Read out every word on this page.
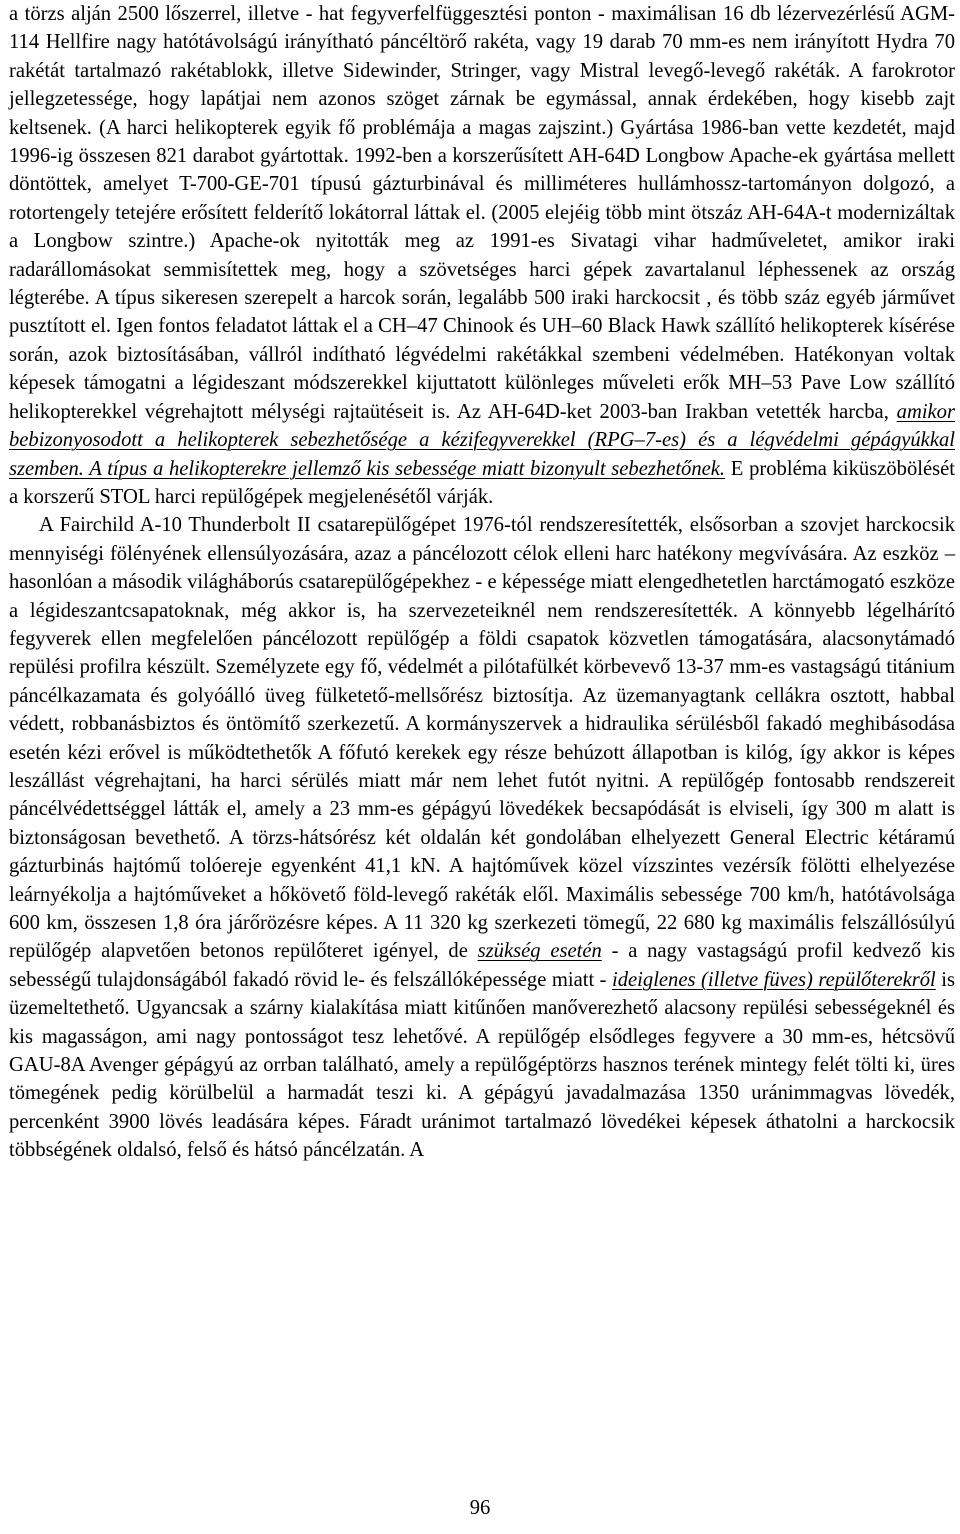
a törzs alján 2500 lőszerrel, illetve - hat fegyverfelfüggesztési ponton - maximálisan 16 db lézervezérlésű AGM-114 Hellfire nagy hatótávolságú irányítható páncéltörő rakéta, vagy 19 darab 70 mm-es nem irányított Hydra 70 rakétát tartalmazó rakétablokk, illetve Sidewinder, Stringer, vagy Mistral levegő-levegő rakéták. A farokrotor jellegzetessége, hogy lapátjai nem azonos szöget zárnak be egymással, annak érdekében, hogy kisebb zajt keltsenek. (A harci helikopterek egyik fő problémája a magas zajszint.) Gyártása 1986-ban vette kezdetét, majd 1996-ig összesen 821 darabot gyártottak. 1992-ben a korszerűsített AH-64D Longbow Apache-ek gyártása mellett döntöttek, amelyet T-700-GE-701 típusú gázturbinával és milliméteres hullámhossz-tartományon dolgozó, a rotortengely tetejére erősített felderítő lokátorral láttak el. (2005 elejéig több mint ötszáz AH-64A-t modernizáltak a Longbow szintre.) Apache-ok nyitották meg az 1991-es Sivatagi vihar hadműveletet, amikor iraki radarállomásokat semmisítettek meg, hogy a szövetséges harci gépek zavartalanul léphessenek az ország légterébe. A típus sikeresen szerepelt a harcok során, legalább 500 iraki harckocsit , és több száz egyéb járművet pusztított el. Igen fontos feladatot láttak el a CH–47 Chinook és UH–60 Black Hawk szállító helikopterek kísérése során, azok biztosításában, vállról indítható légvédelmi rakétákkal szembeni védelmében. Hatékonyan voltak képesek támogatni a légideszant módszerekkel kijuttatott különleges műveleti erők MH–53 Pave Low szállító helikopterekkel végrehajtott mélységi rajtaütéseit is. Az AH-64D-ket 2003-ban Irakban vetették harcba, amikor bebizonyosodott a helikopterek sebezhetősége a kézifegyverekkel (RPG–7-es) és a légvédelmi gépágyúkkal szemben. A típus a helikopterekre jellemző kis sebessége miatt bizonyult sebezhetőnek. E probléma kiküszöbölését a korszerű STOL harci repülőgépek megjelenésétől várják.

A Fairchild A-10 Thunderbolt II csatarepülőgépet 1976-tól rendszeresítették, elsősorban a szovjet harckocsik mennyiségi fölényének ellensúlyozására, azaz a páncélozott célok elleni harc hatékony megvívására. Az eszköz – hasonlóan a második világháborús csatarepülőgépekhez - e képessége miatt elengedhetetlen harctámogató eszköze a légideszantcsapatoknak, még akkor is, ha szervezeteiknél nem rendszeresítették. A könnyebb légelhárító fegyverek ellen megfelelően páncélozott repülőgép a földi csapatok közvetlen támogatására, alacsonytámadó repülési profilra készült. Személyzete egy fő, védelmét a pilótafülkét körbevevő 13-37 mm-es vastagságú titánium páncélkazamata és golyóálló üveg fülketető-mellsőrész biztosítja. Az üzemanyagtank cellákra osztott, habbal védett, robbanásbiztos és öntömítő szerkezetű. A kormányszervek a hidraulika sérülésből fakadó meghibásodása esetén kézi erővel is működtethetők A főfutó kerekek egy része behúzott állapotban is kilóg, így akkor is képes leszállást végrehajtani, ha harci sérülés miatt már nem lehet futót nyitni. A repülőgép fontosabb rendszereit páncélvédettséggel látták el, amely a 23 mm-es gépágyú lövedékek becsapódását is elviseli, így 300 m alatt is biztonságosan bevethető. A törzs-hátsórész két oldalán két gondolában elhelyezett General Electric kétáramú gázturbinás hajtómű tolóereje egyenként 41,1 kN. A hajtóművek közel vízszintes vezérsík fölötti elhelyezése leárnyékolja a hajtóműveket a hőkövető föld-levegő rakéták elől. Maximális sebessége 700 km/h, hatótávolsága 600 km, összesen 1,8 óra járőrözésre képes. A 11 320 kg szerkezeti tömegű, 22 680 kg maximális felszállósúlyú repülőgép alapvetően betonos repülőteret igényel, de szükség esetén - a nagy vastagságú profil kedvező kis sebességű tulajdonságából fakadó rövid le- és felszállóképessége miatt - ideiglenes (illetve füves) repülőterekről is üzemeltethető. Ugyancsak a szárny kialakítása miatt kitűnően manőverezhető alacsony repülési sebességeknél és kis magasságon, ami nagy pontosságot tesz lehetővé. A repülőgép elsődleges fegyvere a 30 mm-es, hétcsövű GAU-8A Avenger gépágyú az orrban található, amely a repülőgéptörzs hasznos terének mintegy felét tölti ki, üres tömegének pedig körülbelül a harmadát teszi ki. A gépágyú javadalmazása 1350 uránimmagvas lövedék, percenként 3900 lövés leadására képes. Fáradt uránimot tartalmazó lövedékei képesek áthatolni a harckocsik többségének oldalsó, felső és hátsó páncélzatán. A

96
